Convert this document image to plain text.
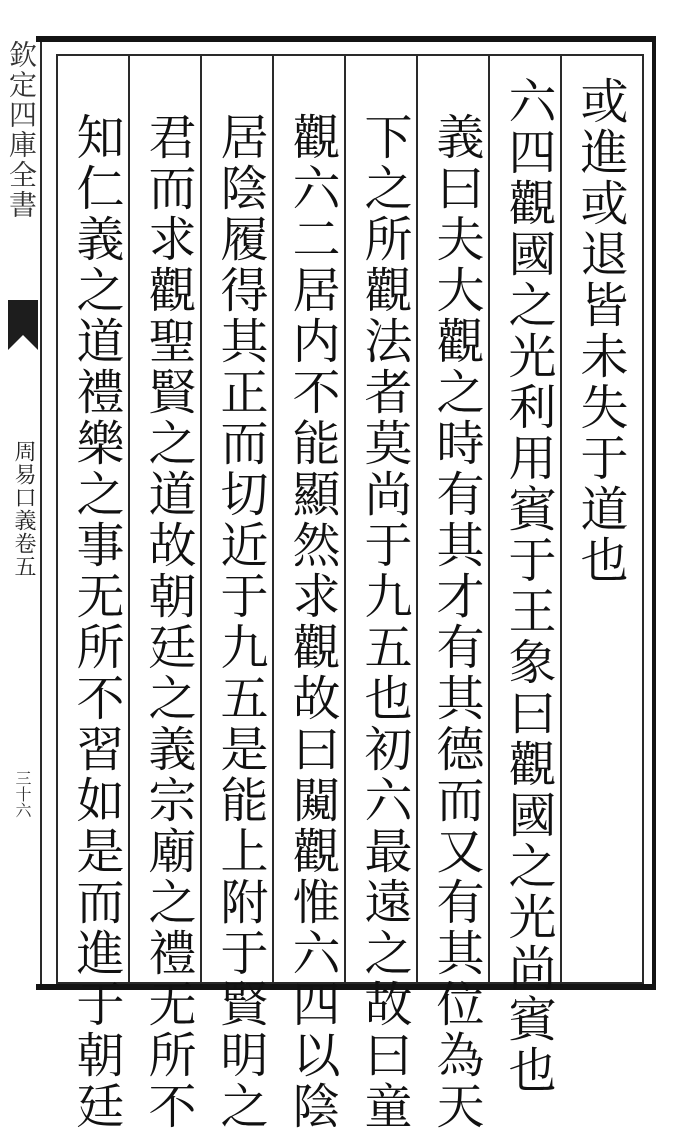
欽定四庫全書
周易口義卷五
三十六
或進或退皆未失于道也
六四觀國之光利用賓于王象曰觀國之光尚賓也
義曰夫大觀之時有其才有其德而又有其位為天
下之所觀法者莫尚于九五也初六最遠之故曰童
觀六二居内不能顯然求觀故曰闚觀惟六四以陰
居陰履得其正而切近于九五是能上附于賢明之
君而求觀聖賢之道故朝廷之義宗廟之禮无所不
知仁義之道禮樂之事无所不習如是而進于朝廷
